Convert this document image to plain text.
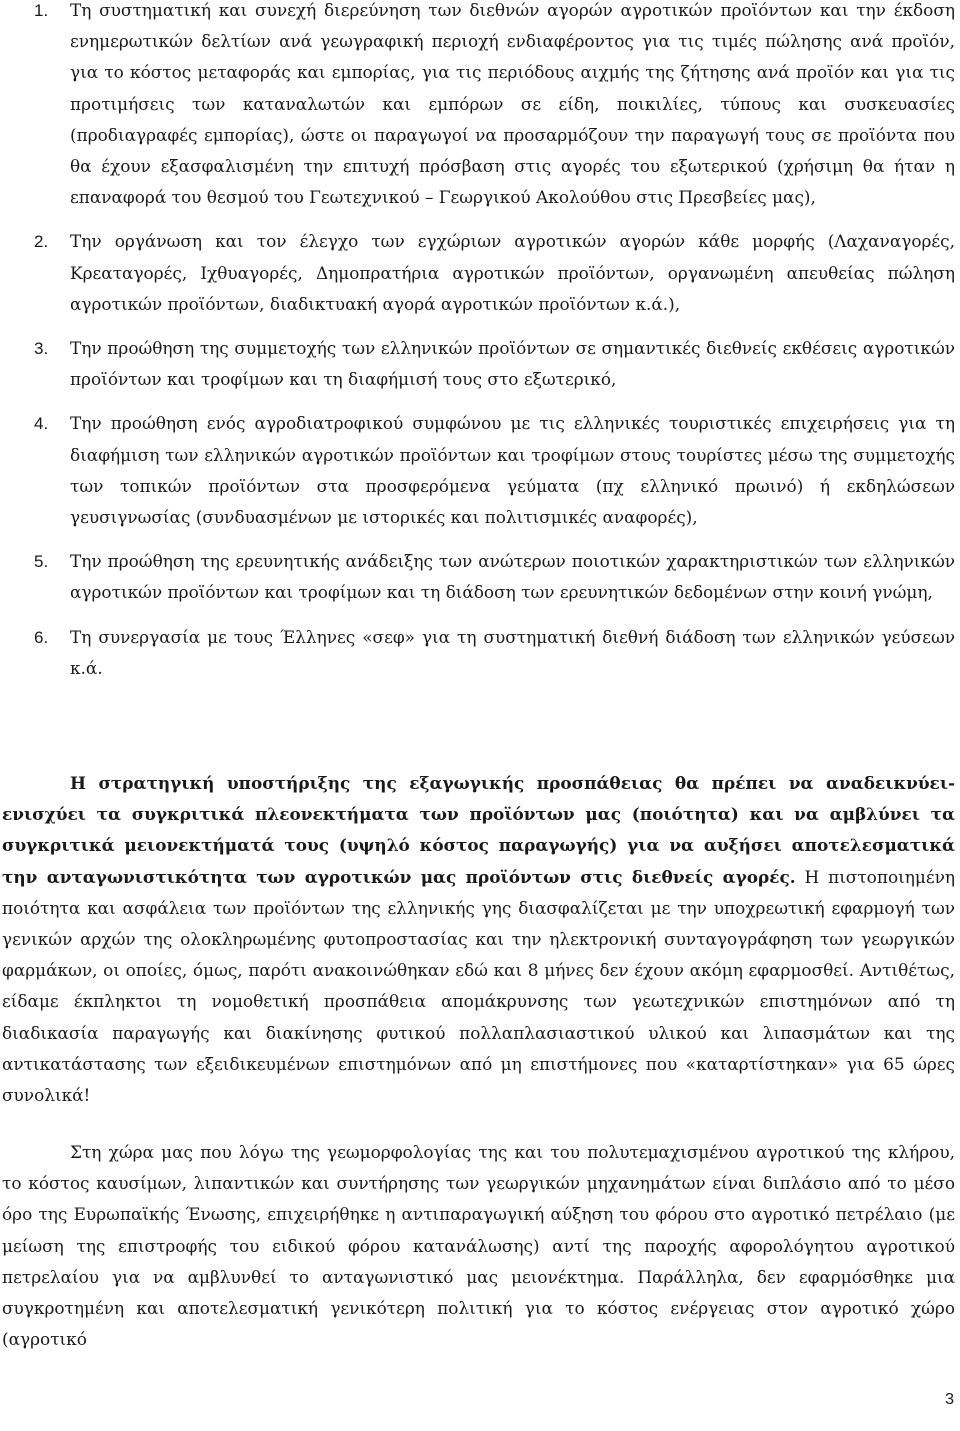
1. Τη συστηματική και συνεχή διερεύνηση των διεθνών αγορών αγροτικών προϊόντων και την έκδοση ενημερωτικών δελτίων ανά γεωγραφική περιοχή ενδιαφέροντος για τις τιμές πώλησης ανά προϊόν, για το κόστος μεταφοράς και εμπορίας, για τις περιόδους αιχμής της ζήτησης ανά προϊόν και για τις προτιμήσεις των καταναλωτών και εμπόρων σε είδη, ποικιλίες, τύπους και συσκευασίες (προδιαγραφές εμπορίας), ώστε οι παραγωγοί να προσαρμόζουν την παραγωγή τους σε προϊόντα που θα έχουν εξασφαλισμένη την επιτυχή πρόσβαση στις αγορές του εξωτερικού (χρήσιμη θα ήταν η επαναφορά του θεσμού του Γεωτεχνικού – Γεωργικού Ακολούθου στις Πρεσβείες μας),
2. Την οργάνωση και τον έλεγχο των εγχώριων αγροτικών αγορών κάθε μορφής (Λαχαναγορές, Κρεαταγορές, Ιχθυαγορές, Δημοπρατήρια αγροτικών προϊόντων, οργανωμένη απευθείας πώληση αγροτικών προϊόντων, διαδικτυακή αγορά αγροτικών προϊόντων κ.ά.),
3. Την προώθηση της συμμετοχής των ελληνικών προϊόντων σε σημαντικές διεθνείς εκθέσεις αγροτικών προϊόντων και τροφίμων και τη διαφήμισή τους στο εξωτερικό,
4. Την προώθηση ενός αγροδιατροφικού συμφώνου με τις ελληνικές τουριστικές επιχειρήσεις για τη διαφήμιση των ελληνικών αγροτικών προϊόντων και τροφίμων στους τουρίστες μέσω της συμμετοχής των τοπικών προϊόντων στα προσφερόμενα γεύματα (πχ ελληνικό πρωινό) ή εκδηλώσεων γευσιγνωσίας (συνδυασμένων με ιστορικές και πολιτισμικές αναφορές),
5. Την προώθηση της ερευνητικής ανάδειξης των ανώτερων ποιοτικών χαρακτηριστικών των ελληνικών αγροτικών προϊόντων και τροφίμων και τη διάδοση των ερευνητικών δεδομένων στην κοινή γνώμη,
6. Τη συνεργασία με τους Έλληνες «σεφ» για τη συστηματική διεθνή διάδοση των ελληνικών γεύσεων κ.ά.

Η στρατηγική υποστήριξης της εξαγωγικής προσπάθειας θα πρέπει να αναδεικνύει-ενισχύει τα συγκριτικά πλεονεκτήματα των προϊόντων μας (ποιότητα) και να αμβλύνει τα συγκριτικά μειονεκτήματά τους (υψηλό κόστος παραγωγής) για να αυξήσει αποτελεσματικά την ανταγωνιστικότητα των αγροτικών μας προϊόντων στις διεθνείς αγορές. Η πιστοποιημένη ποιότητα και ασφάλεια των προϊόντων της ελληνικής γης διασφαλίζεται με την υποχρεωτική εφαρμογή των γενικών αρχών της ολοκληρωμένης φυτοπροστασίας και την ηλεκτρονική συνταγογράφηση των γεωργικών φαρμάκων, οι οποίες, όμως, παρότι ανακοινώθηκαν εδώ και 8 μήνες δεν έχουν ακόμη εφαρμοσθεί. Αντιθέτως, είδαμε έκπληκτοι τη νομοθετική προσπάθεια απομάκρυνσης των γεωτεχνικών επιστημόνων από τη διαδικασία παραγωγής και διακίνησης φυτικού πολλαπλασιαστικού υλικού και λιπασμάτων και της αντικατάστασης των εξειδικευμένων επιστημόνων από μη επιστήμονες που «καταρτίστηκαν» για 65 ώρες συνολικά!

Στη χώρα μας που λόγω της γεωμορφολογίας της και του πολυτεμαχισμένου αγροτικού της κλήρου, το κόστος καυσίμων, λιπαντικών και συντήρησης των γεωργικών μηχανημάτων είναι διπλάσιο από το μέσο όρο της Ευρωπαϊκής Ένωσης, επιχειρήθηκε η αντιπαραγωγική αύξηση του φόρου στο αγροτικό πετρέλαιο (με μείωση της επιστροφής του ειδικού φόρου κατανάλωσης) αντί της παροχής αφορολόγητου αγροτικού πετρελαίου για να αμβλυνθεί το ανταγωνιστικό μας μειονέκτημα. Παράλληλα, δεν εφαρμόσθηκε μια συγκροτημένη και αποτελεσματική γενικότερη πολιτική για το κόστος ενέργειας στον αγροτικό χώρο (αγροτικό

3
